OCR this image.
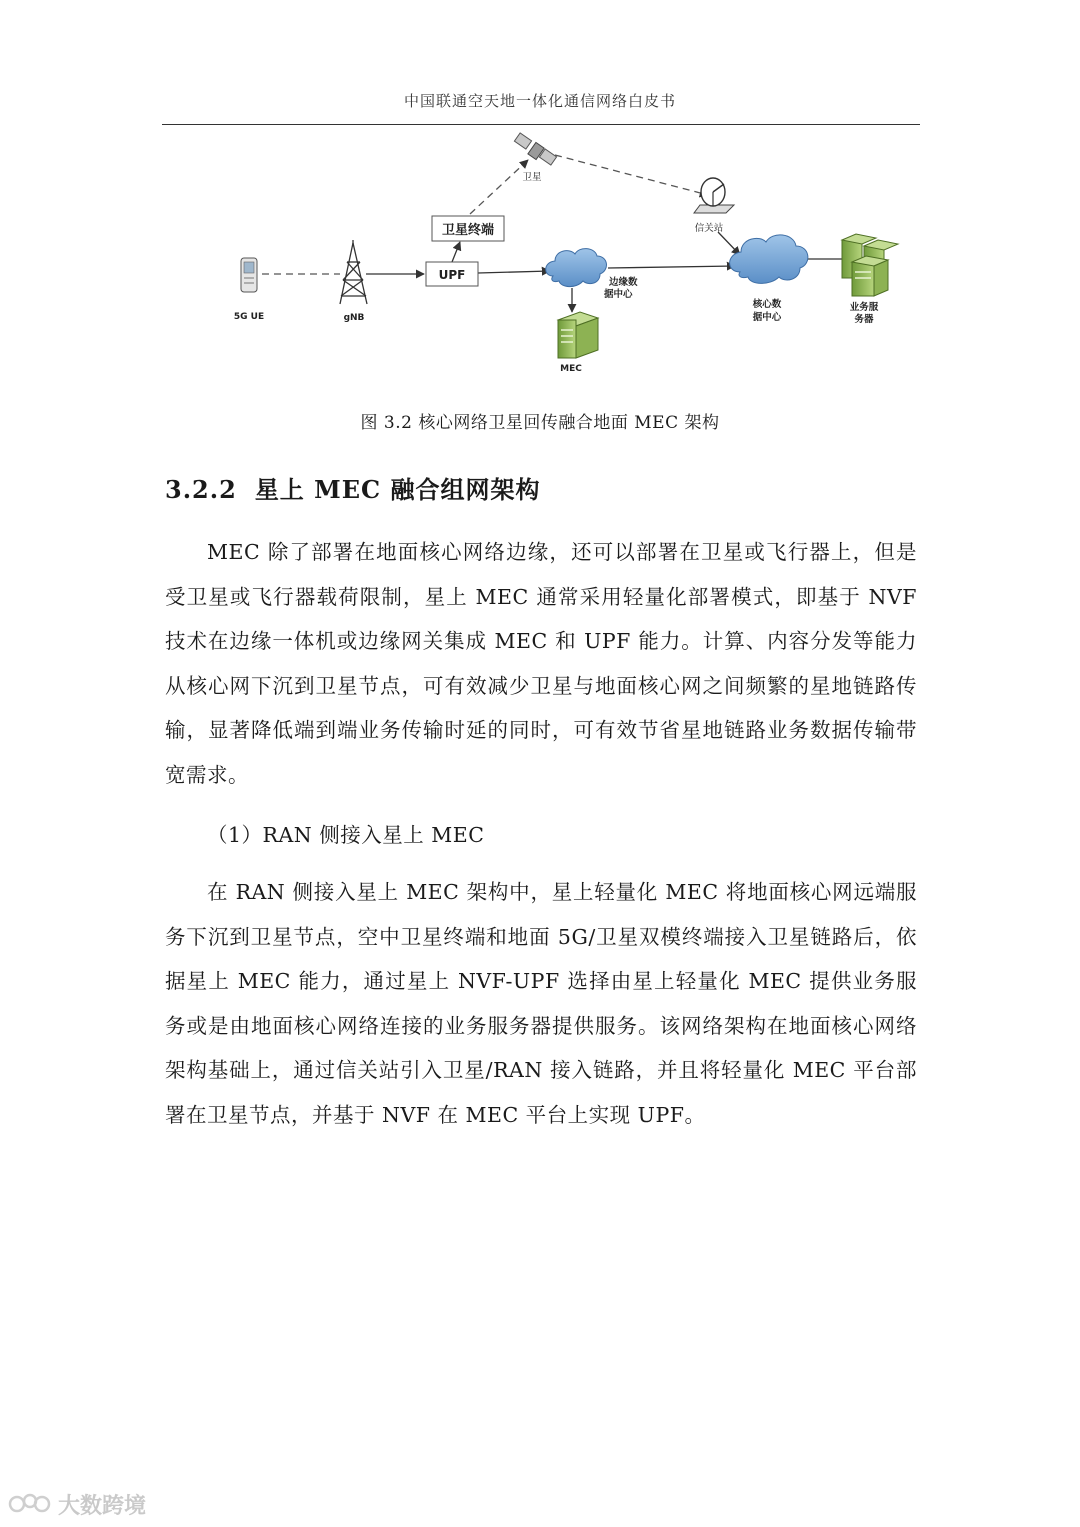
中国联通空天地一体化通信网络白皮书
卫星
卫星终端	信关站
5G UE	gNB
UPF
边缘数
据中心
MEC
核心数
据中心
业务服
务器
图 3.2 核心网络卫星回传融合地面 MEC 架构
3.2.2 星上 MEC 融合组网架构

MEC 除了部署在地面核心网络边缘，还可以部署在卫星或飞行器上，但是受卫星或飞行器载荷限制，星上 MEC 通常采用轻量化部署模式，即基于 NVF 技术在边缘一体机或边缘网关集成 MEC 和 UPF 能力。计算、内容分发等能力从核心网下沉到卫星节点，可有效减少卫星与地面核心网之间频繁的星地链路传输，显著降低端到端业务传输时延的同时，可有效节省星地链路业务数据传输带宽需求。

（1）RAN 侧接入星上 MEC

在 RAN 侧接入星上 MEC 架构中，星上轻量化 MEC 将地面核心网远端服务下沉到卫星节点，空中卫星终端和地面 5G/卫星双模终端接入卫星链路后，依据星上 MEC 能力，通过星上 NVF-UPF 选择由星上轻量化 MEC 提供业务服务或是由地面核心网络连接的业务服务器提供服务。该网络架构在地面核心网络架构基础上，通过信关站引入卫星/RAN 接入链路，并且将轻量化 MEC 平台部署在卫星节点，并基于 NVF 在 MEC 平台上实现 UPF。

大数跨境
